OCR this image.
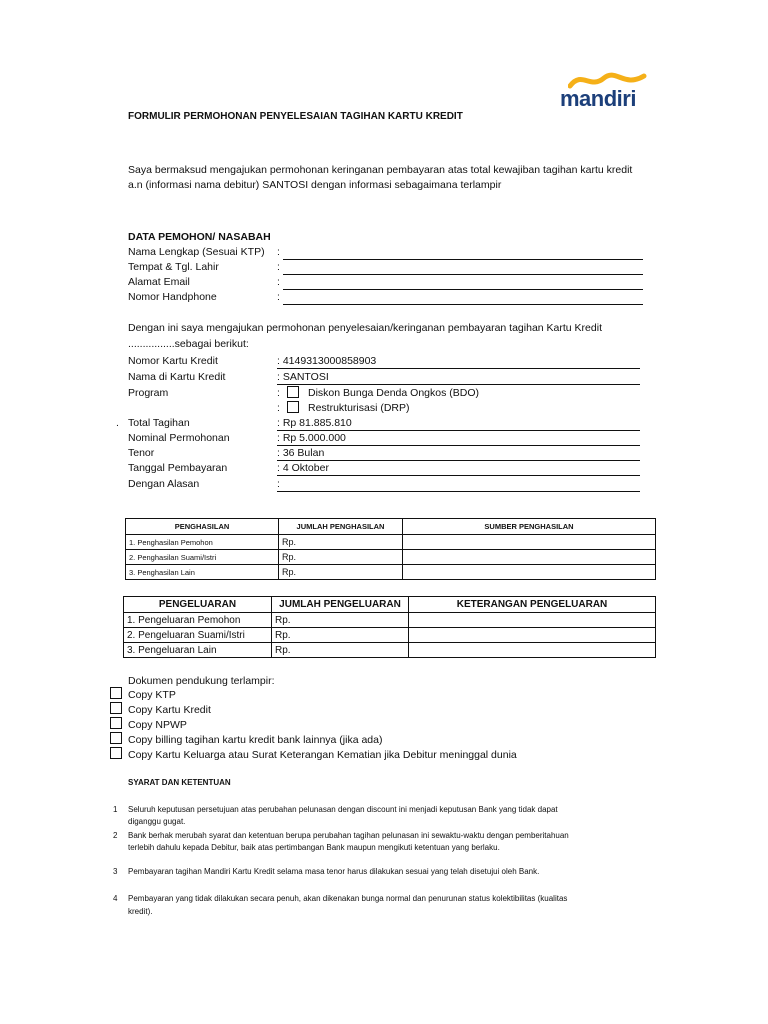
mandiri
FORMULIR PERMOHONAN PENYELESAIAN TAGIHAN KARTU KREDIT
Saya bermaksud mengajukan permohonan keringanan pembayaran atas total kewajiban tagihan kartu kredit
a.n (informasi nama debitur) SANTOSI dengan informasi sebagaimana terlampir
DATA PEMOHON/ NASABAH
Nama Lengkap (Sesuai KTP) :
Tempat & Tgl. Lahir	:
Alamat Email	:
Nomor Handphone	:
Dengan ini saya mengajukan permohonan penyelesaian/keringanan pembayaran tagihan Kartu Kredit
................sebagai berikut:
Nomor Kartu Kredit	: 4149313000858903
Nama di Kartu Kredit	: SANTOSI
Program	:	Diskon Bunga Denda Ongkos (BDO)
:	Restrukturisasi (DRP)
. Total Tagihan	: Rp 81.885.810
Nominal Permohonan	: Rp 5.000.000
Tenor	: 36 Bulan
Tanggal Pembayaran	: 4 Oktober
Dengan Alasan	:
PENGHASILAN	JUMLAH PENGHASILAN	SUMBER PENGHASILAN
1. Penghasilan Pemohon	Rp.	
2. Penghasilan Suami/Istri	Rp.	
3. Penghasilan Lain	Rp.	
PENGELUARAN	JUMLAH PENGELUARAN	KETERANGAN PENGELUARAN
1. Pengeluaran Pemohon	Rp.	
2. Pengeluaran Suami/Istri	Rp.	
3. Pengeluaran Lain	Rp.	
Dokumen pendukung terlampir:
Copy KTP
Copy Kartu Kredit
Copy NPWP
Copy billing tagihan kartu kredit bank lainnya (jika ada)
Copy Kartu Keluarga atau Surat Keterangan Kematian jika Debitur meninggal dunia
SYARAT DAN KETENTUAN
1 Seluruh keputusan persetujuan atas perubahan pelunasan dengan discount ini menjadi keputusan Bank yang tidak dapat
diganggu gugat.
2 Bank berhak merubah syarat dan ketentuan berupa perubahan tagihan pelunasan ini sewaktu-waktu dengan pemberitahuan
terlebih dahulu kepada Debitur, baik atas pertimbangan Bank maupun mengikuti ketentuan yang berlaku.
3 Pembayaran tagihan Mandiri Kartu Kredit selama masa tenor harus dilakukan sesuai yang telah disetujui oleh Bank.
4 Pembayaran yang tidak dilakukan secara penuh, akan dikenakan bunga normal dan penurunan status kolektibilitas (kualitas
kredit).
